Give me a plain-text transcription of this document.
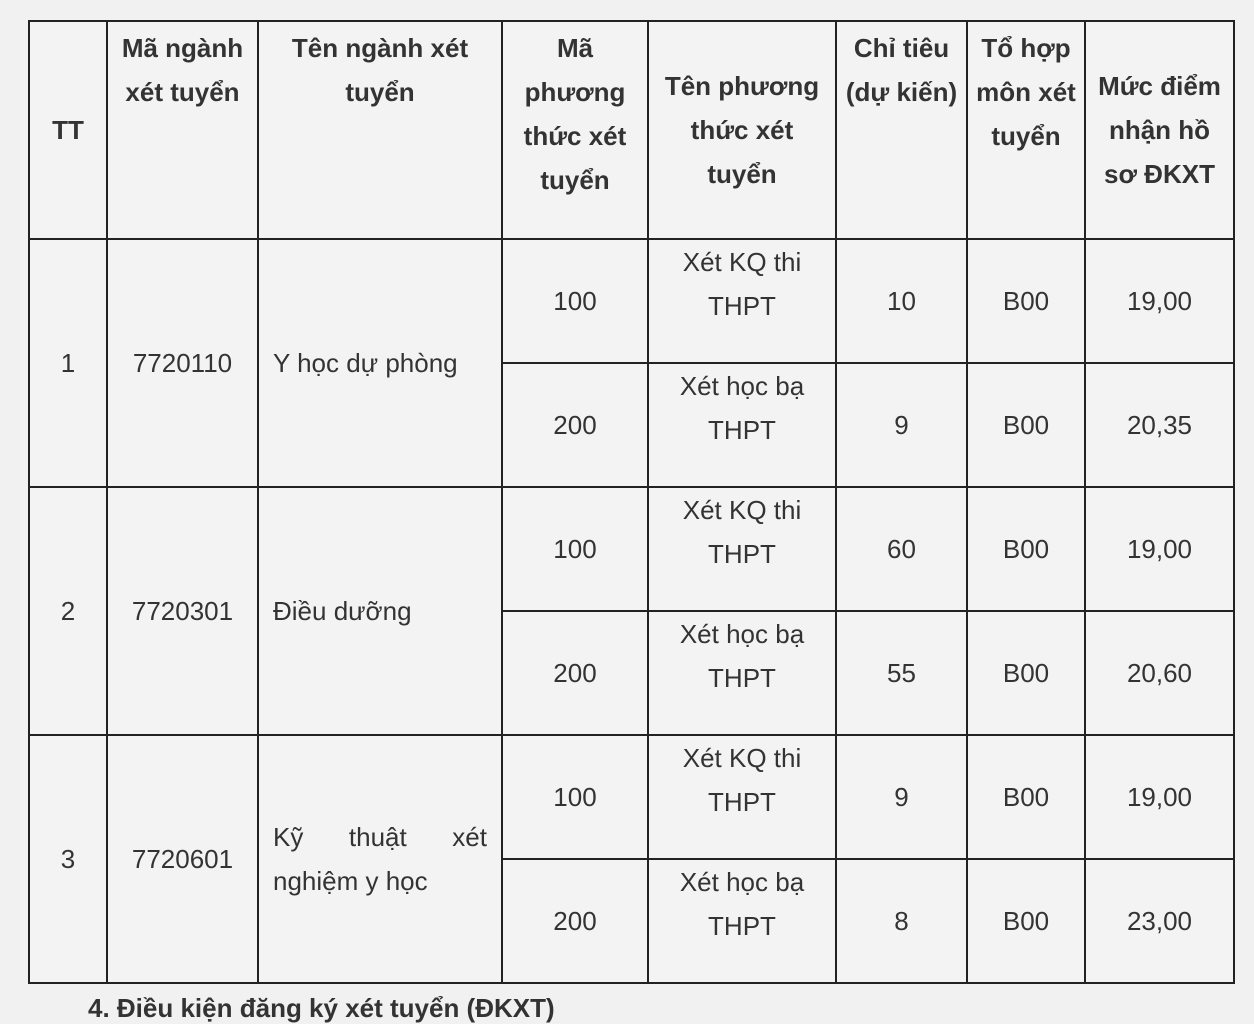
TT	Mã ngành xét tuyển	Tên ngành xét tuyển	Mã phương thức xét tuyển	Tên phương thức xét tuyển	Chỉ tiêu (dự kiến)	Tổ hợp môn xét tuyển	Mức điểm nhận hồ sơ ĐKXT
1	7720110	Y học dự phòng	100	Xét KQ thi THPT	10	B00	19,00
			200	Xét học bạ THPT	9	B00	20,35
2	7720301	Điều dưỡng	100	Xét KQ thi THPT	60	B00	19,00
			200	Xét học bạ THPT	55	B00	20,60
3	7720601	Kỹ thuật xét nghiệm y học	100	Xét KQ thi THPT	9	B00	19,00
			200	Xét học bạ THPT	8	B00	23,00
4. Điều kiện đăng ký xét tuyển (ĐKXT)
